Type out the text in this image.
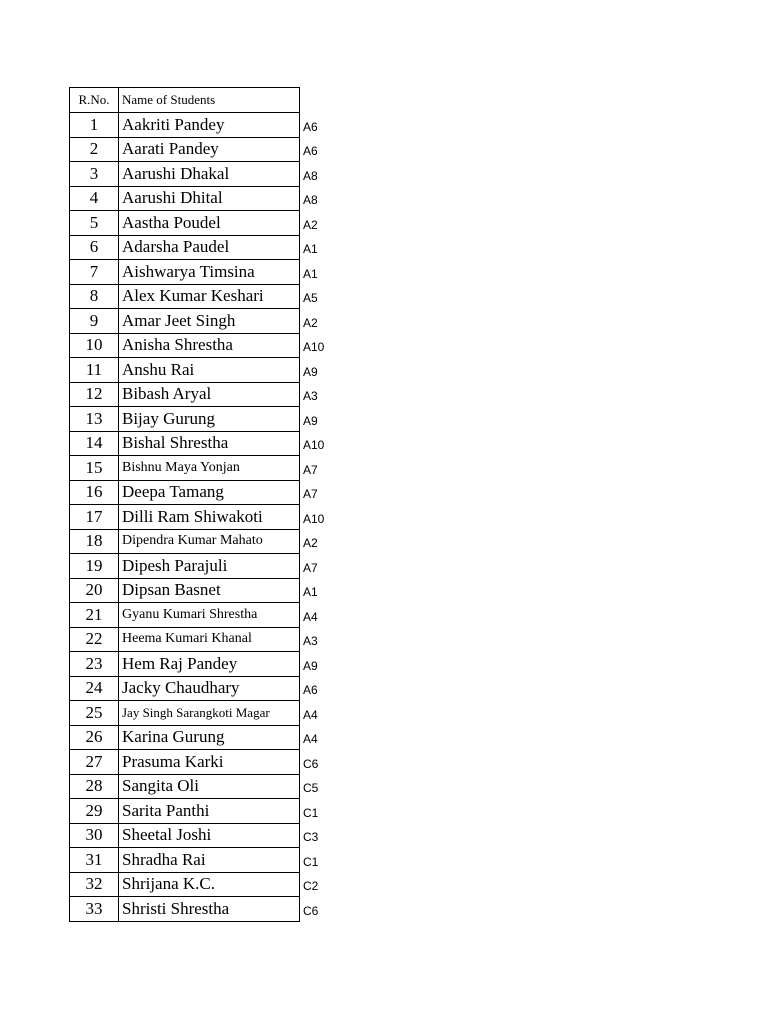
R.No.	Name of Students	
1	Aakriti Pandey	A6
2	Aarati Pandey	A6
3	Aarushi Dhakal	A8
4	Aarushi Dhital	A8
5	Aastha Poudel	A2
6	Adarsha Paudel	A1
7	Aishwarya Timsina	A1
8	Alex Kumar Keshari	A5
9	Amar Jeet Singh	A2
10	Anisha Shrestha	A10
11	Anshu Rai	A9
12	Bibash Aryal	A3
13	Bijay Gurung	A9
14	Bishal Shrestha	A10
15	Bishnu Maya Yonjan	A7
16	Deepa Tamang	A7
17	Dilli Ram Shiwakoti	A10
18	Dipendra Kumar Mahato	A2
19	Dipesh Parajuli	A7
20	Dipsan Basnet	A1
21	Gyanu Kumari Shrestha	A4
22	Heema Kumari Khanal	A3
23	Hem Raj Pandey	A9
24	Jacky Chaudhary	A6
25	Jay Singh Sarangkoti Magar	A4
26	Karina Gurung	A4
27	Prasuma Karki	C6
28	Sangita Oli	C5
29	Sarita Panthi	C1
30	Sheetal Joshi	C3
31	Shradha Rai	C1
32	Shrijana K.C.	C2
33	Shristi Shrestha	C6
